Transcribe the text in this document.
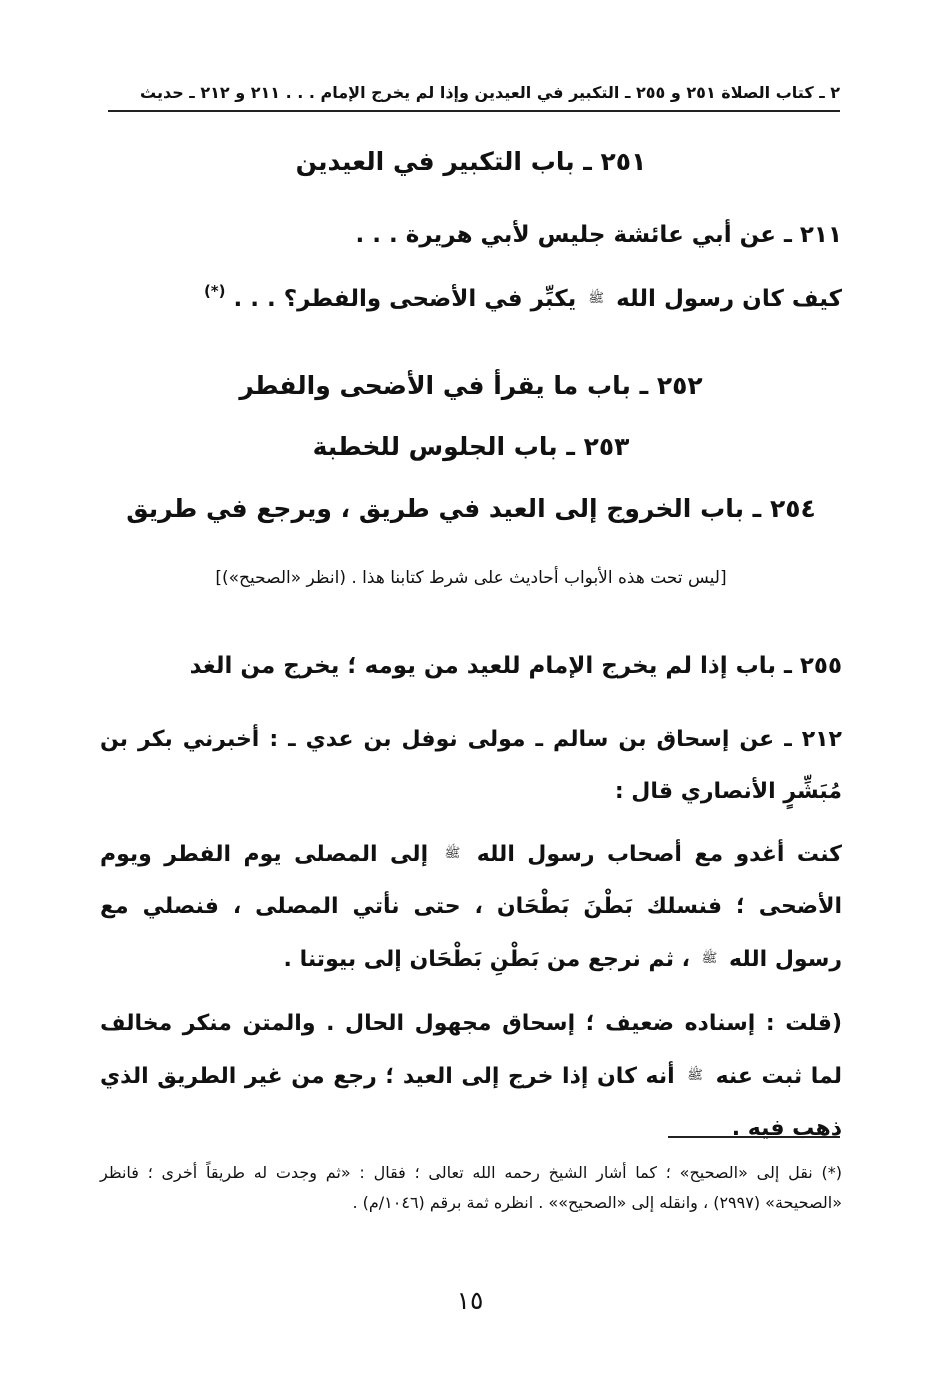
٢ ـ كتاب الصلاة ٢٥١ و ٢٥٥ ـ التكبير في العيدين وإذا لم يخرج الإمام . . . ٢١١ و ٢١٢ ـ حديث
٢٥١ ـ باب التكبير في العيدين
٢١١ ـ عن أبي عائشة جليس لأبي هريرة . . .
كيف كان رسول الله ﷺ يكبِّر في الأضحى والفطر؟ . . . (*)
٢٥٢ ـ باب ما يقرأ في الأضحى والفطر
٢٥٣ ـ باب الجلوس للخطبة
٢٥٤ ـ باب الخروج إلى العيد في طريق ، ويرجع في طريق
[ليس تحت هذه الأبواب أحاديث على شرط كتابنا هذا . (انظر «الصحيح»)]
٢٥٥ ـ باب إذا لم يخرج الإمام للعيد من يومه ؛ يخرج من الغد
٢١٢ ـ عن إسحاق بن سالم ـ مولى نوفل بن عدي ـ : أخبرني بكر بن مُبَشِّرٍ الأنصاري قال :
كنت أغدو مع أصحاب رسول الله ﷺ إلى المصلى يوم الفطر ويوم الأضحى ؛ فنسلك بَطْنَ بَطْحَان ، حتى نأتي المصلى ، فنصلي مع رسول الله ﷺ ، ثم نرجع من بَطْنِ بَطْحَان إلى بيوتنا .
(قلت : إسناده ضعيف ؛ إسحاق مجهول الحال . والمتن منكر مخالف لما ثبت عنه ﷺ أنه كان إذا خرج إلى العيد ؛ رجع من غير الطريق الذي ذهب فيه .
(*) نقل إلى «الصحيح» ؛ كما أشار الشيخ رحمه الله تعالى ؛ فقال : «ثم وجدت له طريقاً أخرى ؛ فانظر «الصحيحة» (٢٩٩٧) ، وانقله إلى «الصحيح»» . انظره ثمة برقم (١٠٤٦/م) .
١٥
